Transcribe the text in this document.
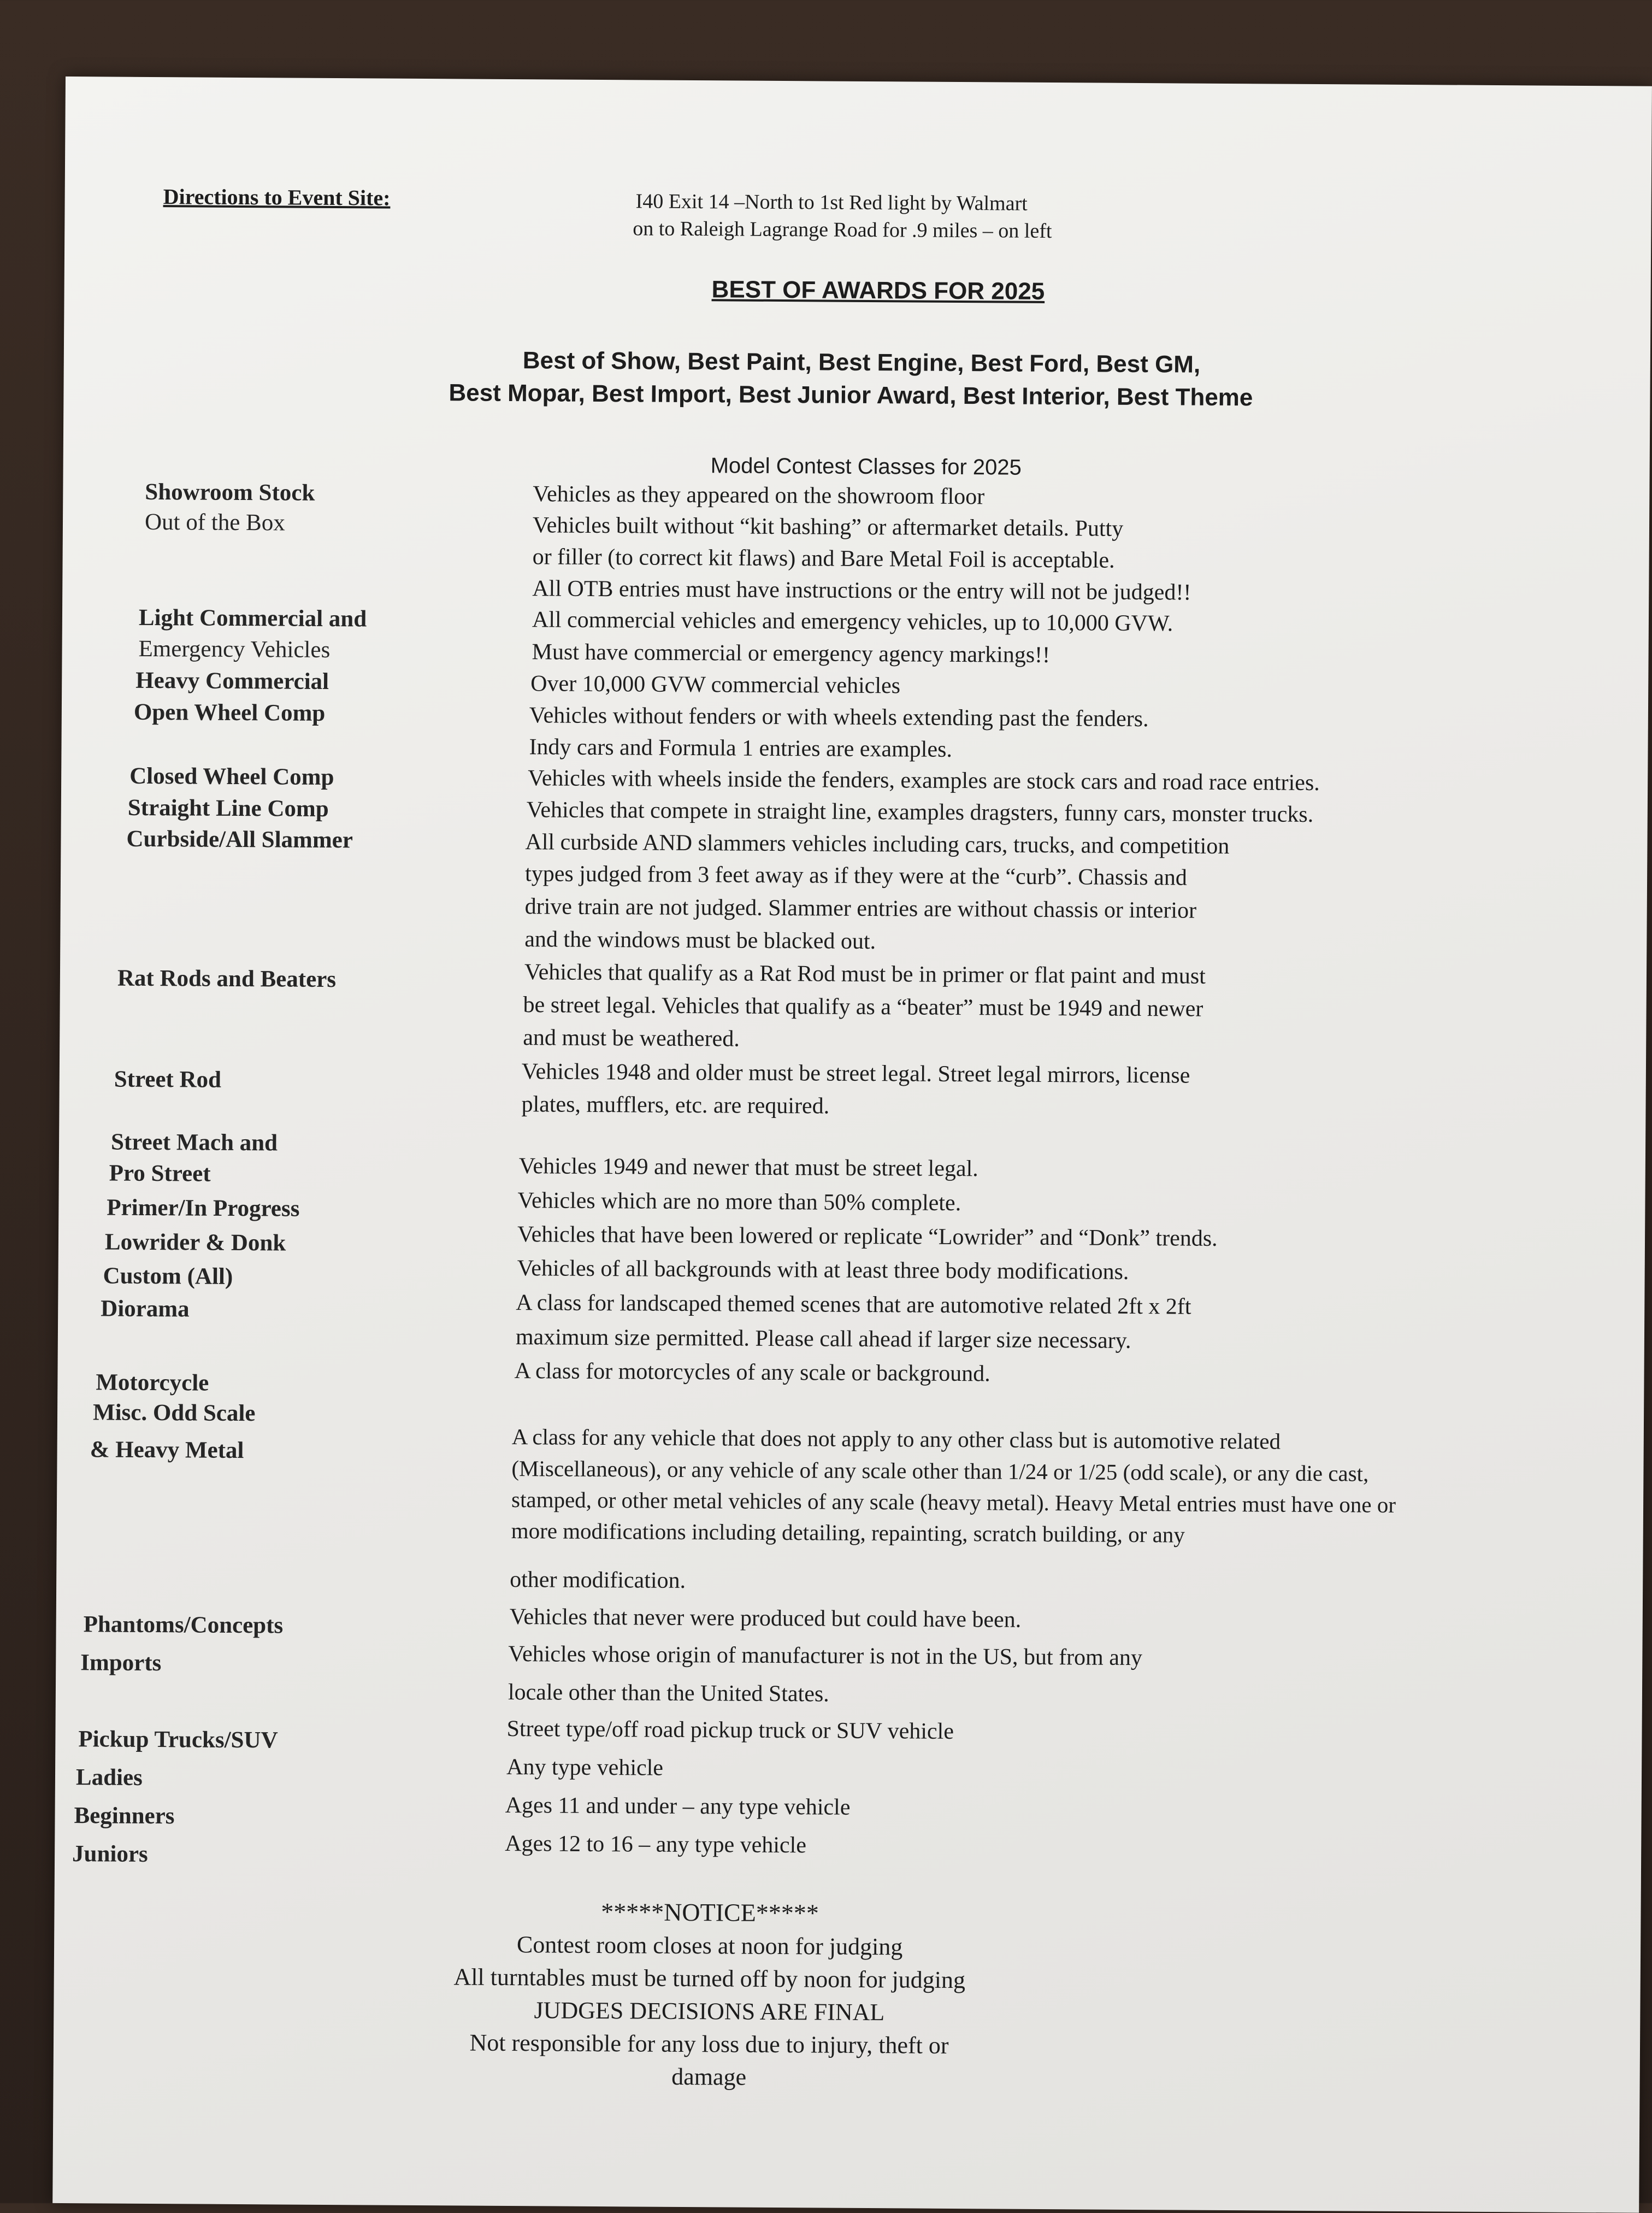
Directions to Event Site:	I40 Exit 14 –North to 1st Red light by Walmart
on to Raleigh Lagrange Road for .9 miles – on left
BEST OF AWARDS FOR 2025
Best of Show, Best Paint, Best Engine, Best Ford, Best GM,
Best Mopar, Best Import, Best Junior Award, Best Interior, Best Theme
Model Contest Classes for 2025
Showroom Stock
Out of the Box
Light Commercial and
Emergency Vehicles
Heavy Commercial
Open Wheel Comp
Closed Wheel Comp
Straight Line Comp
Curbside/All Slammer
Rat Rods and Beaters
Street Rod
Street Mach and
Pro Street
Primer/In Progress
Lowrider & Donk
Custom (All)
Diorama
Motorcycle
Misc. Odd Scale
& Heavy Metal
Phantoms/Concepts
Imports
Pickup Trucks/SUV
Ladies
Beginners
Juniors
Vehicles as they appeared on the showroom floor
Vehicles built without “kit bashing” or aftermarket details. Putty
or filler (to correct kit flaws) and Bare Metal Foil is acceptable.
All OTB entries must have instructions or the entry will not be judged!!
All commercial vehicles and emergency vehicles, up to 10,000 GVW.
Must have commercial or emergency agency markings!!
Over 10,000 GVW commercial vehicles
Vehicles without fenders or with wheels extending past the fenders.
Indy cars and Formula 1 entries are examples.
Vehicles with wheels inside the fenders, examples are stock cars and road race entries.
Vehicles that compete in straight line, examples dragsters, funny cars, monster trucks.
All curbside AND slammers vehicles including cars, trucks, and competition
types judged from 3 feet away as if they were at the “curb”. Chassis and
drive train are not judged. Slammer entries are without chassis or interior
and the windows must be blacked out.
Vehicles that qualify as a Rat Rod must be in primer or flat paint and must
be street legal. Vehicles that qualify as a “beater” must be 1949 and newer
and must be weathered.
Vehicles 1948 and older must be street legal. Street legal mirrors, license
plates, mufflers, etc. are required.
Vehicles 1949 and newer that must be street legal.
Vehicles which are no more than 50% complete.
Vehicles that have been lowered or replicate “Lowrider” and “Donk” trends.
Vehicles of all backgrounds with at least three body modifications.
A class for landscaped themed scenes that are automotive related 2ft x 2ft
maximum size permitted. Please call ahead if larger size necessary.
A class for motorcycles of any scale or background.
A class for any vehicle that does not apply to any other class but is automotive related
(Miscellaneous), or any vehicle of any scale other than 1/24 or 1/25 (odd scale), or any die cast,
stamped, or other metal vehicles of any scale (heavy metal). Heavy Metal entries must have one or
more modifications including detailing, repainting, scratch building, or any
other modification.
Vehicles that never were produced but could have been.
Vehicles whose origin of manufacturer is not in the US, but from any
locale other than the United States.
Street type/off road pickup truck or SUV vehicle
Any type vehicle
Ages 11 and under – any type vehicle
Ages 12 to 16 – any type vehicle
*****NOTICE*****
Contest room closes at noon for judging
All turntables must be turned off by noon for judging
JUDGES DECISIONS ARE FINAL
Not responsible for any loss due to injury, theft or damage
